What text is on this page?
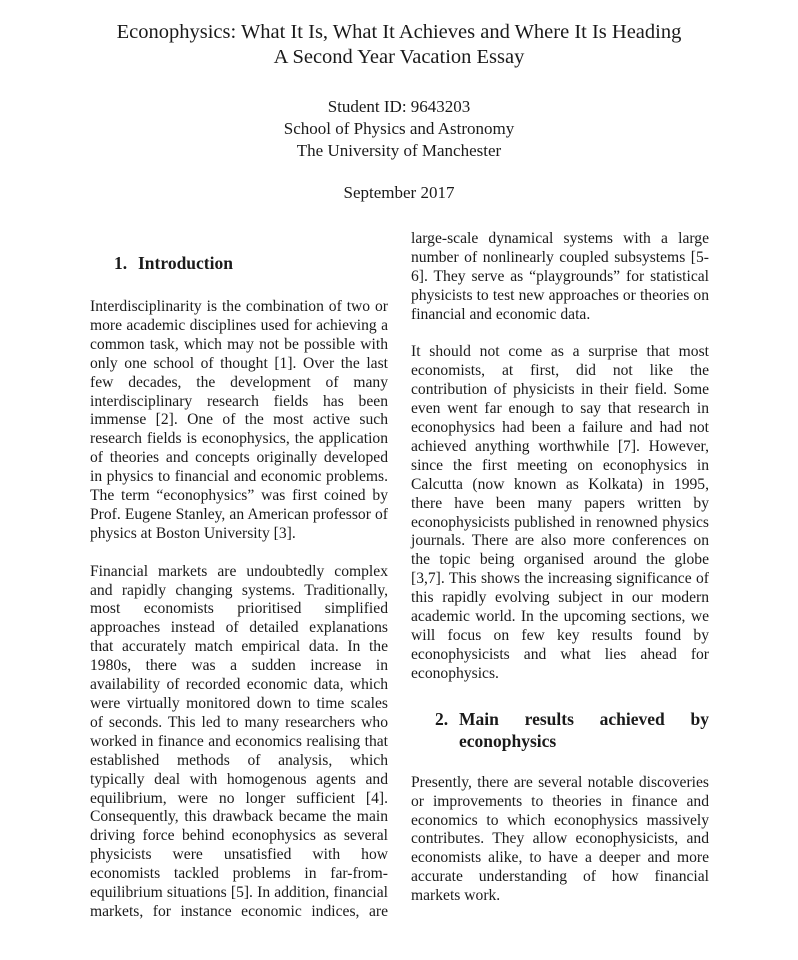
Econophysics: What It Is, What It Achieves and Where It Is Heading

A Second Year Vacation Essay

Student ID: 9643203

School of Physics and Astronomy

The University of Manchester

September 2017

1. Introduction

Interdisciplinarity is the combination of two or more academic disciplines used for achieving a common task, which may not be possible with only one school of thought [1]. Over the last few decades, the development of many interdisciplinary research fields has been immense [2]. One of the most active such research fields is econophysics, the application of theories and concepts originally developed in physics to financial and economic problems. The term “econophysics” was first coined by Prof. Eugene Stanley, an American professor of physics at Boston University [3].

Financial markets are undoubtedly complex and rapidly changing systems. Traditionally, most economists prioritised simplified approaches instead of detailed explanations that accurately match empirical data. In the 1980s, there was a sudden increase in availability of recorded economic data, which were virtually monitored down to time scales of seconds. This led to many researchers who worked in finance and economics realising that established methods of analysis, which typically deal with homogenous agents and equilibrium, were no longer sufficient [4]. Consequently, this drawback became the main driving force behind econophysics as several physicists were unsatisfied with how economists tackled problems in far-from-equilibrium situations [5]. In addition, financial markets, for instance economic indices, are

large-scale dynamical systems with a large number of nonlinearly coupled subsystems [5-6]. They serve as “playgrounds” for statistical physicists to test new approaches or theories on financial and economic data.

It should not come as a surprise that most economists, at first, did not like the contribution of physicists in their field. Some even went far enough to say that research in econophysics had been a failure and had not achieved anything worthwhile [7]. However, since the first meeting on econophysics in Calcutta (now known as Kolkata) in 1995, there have been many papers written by econophysicists published in renowned physics journals. There are also more conferences on the topic being organised around the globe [3,7]. This shows the increasing significance of this rapidly evolving subject in our modern academic world. In the upcoming sections, we will focus on few key results found by econophysicists and what lies ahead for econophysics.

2. Main results achieved by
econophysics

Presently, there are several notable discoveries or improvements to theories in finance and economics to which econophysics massively contributes. They allow econophysicists, and economists alike, to have a deeper and more accurate understanding of how financial markets work.
